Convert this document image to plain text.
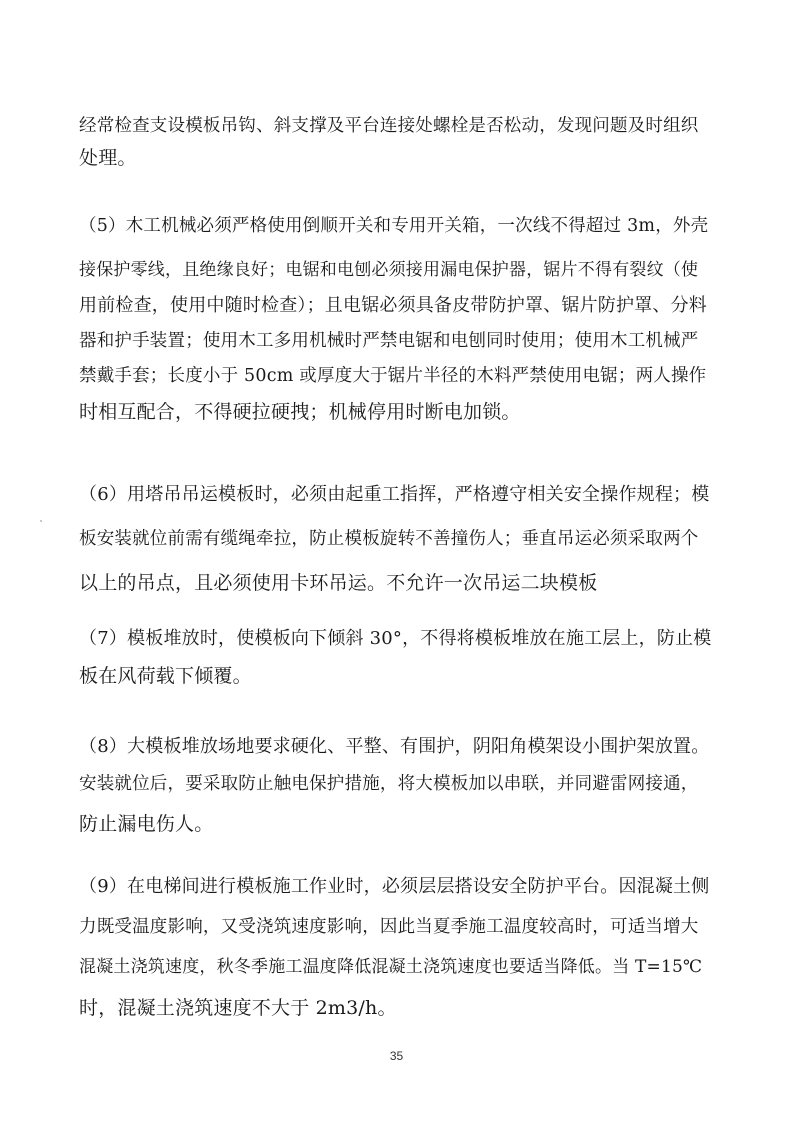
经常检查支设模板吊钩、斜支撑及平台连接处螺栓是否松动，发现问题及时组织
处理。
（5）木工机械必须严格使用倒顺开关和专用开关箱，一次线不得超过 3m，外壳
接保护零线，且绝缘良好；电锯和电刨必须接用漏电保护器，锯片不得有裂纹（使
用前检查，使用中随时检查）；且电锯必须具备皮带防护罩、锯片防护罩、分料
器和护手装置；使用木工多用机械时严禁电锯和电刨同时使用；使用木工机械严
禁戴手套；长度小于 50cm 或厚度大于锯片半径的木料严禁使用电锯；两人操作
时相互配合，不得硬拉硬拽；机械停用时断电加锁。
（6）用塔吊吊运模板时，必须由起重工指挥，严格遵守相关安全操作规程；模
板安装就位前需有缆绳牵拉，防止模板旋转不善撞伤人；垂直吊运必须采取两个
以上的吊点，且必须使用卡环吊运。不允许一次吊运二块模板
（7）模板堆放时，使模板向下倾斜 30°，不得将模板堆放在施工层上，防止模
板在风荷载下倾覆。
（8）大模板堆放场地要求硬化、平整、有围护，阴阳角模架设小围护架放置。
安装就位后，要采取防止触电保护措施，将大模板加以串联，并同避雷网接通，
防止漏电伤人。
（9）在电梯间进行模板施工作业时，必须层层搭设安全防护平台。因混凝土侧
力既受温度影响，又受浇筑速度影响，因此当夏季施工温度较高时，可适当增大
混凝土浇筑速度，秋冬季施工温度降低混凝土浇筑速度也要适当降低。当 T=15℃
时，混凝土浇筑速度不大于 2m3/h。
35
